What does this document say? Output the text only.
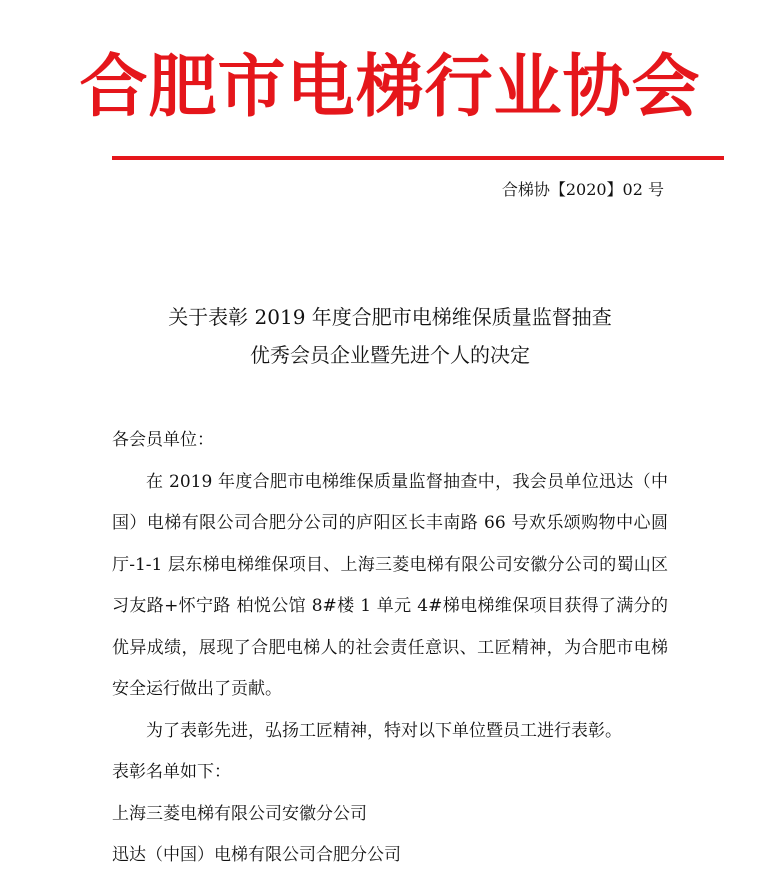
合肥市电梯行业协会
合梯协【2020】02 号
关于表彰 2019 年度合肥市电梯维保质量监督抽查
优秀会员企业暨先进个人的决定

各会员单位：

在 2019 年度合肥市电梯维保质量监督抽查中，我会员单位迅达（中国）电梯有限公司合肥分公司的庐阳区长丰南路 66 号欢乐颂购物中心圆厅-1-1 层东梯电梯维保项目、上海三菱电梯有限公司安徽分公司的蜀山区习友路+怀宁路 柏悦公馆 8#楼 1 单元 4#梯电梯维保项目获得了满分的优异成绩，展现了合肥电梯人的社会责任意识、工匠精神，为合肥市电梯安全运行做出了贡献。

为了表彰先进，弘扬工匠精神，特对以下单位暨员工进行表彰。

表彰名单如下：

上海三菱电梯有限公司安徽分公司

迅达（中国）电梯有限公司合肥分公司
